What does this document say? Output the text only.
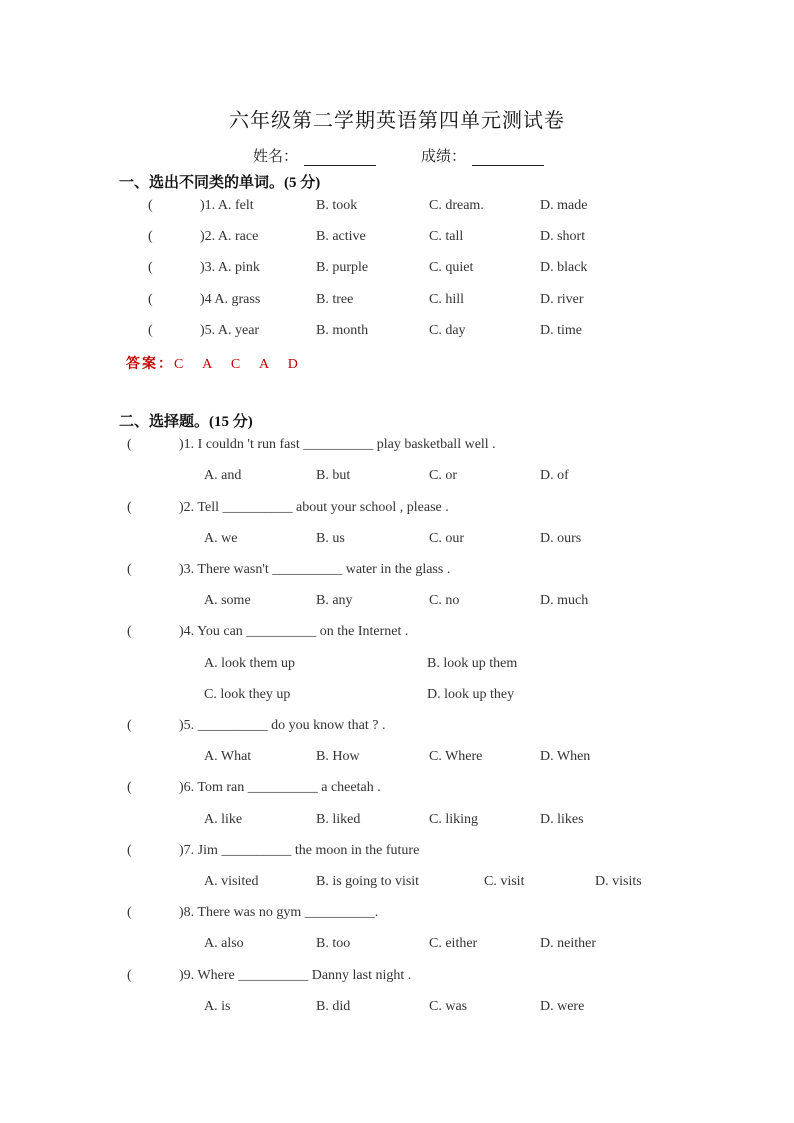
六年级第二学期英语第四单元测试卷
姓名：	成绩：
一、选出不同类的单词。(5 分)
(	)1. A. felt	B. took	C. dream.	D. made
(	)2. A. race	B. active	C. tall	D. short
(	)3. A. pink	B. purple	C. quiet	D. black
(	)4 A. grass	B. tree	C. hill	D. river
(	)5. A. year	B. month	C. day	D. time
答案：C A C A D
二、选择题。(15 分)
(	)1. I couldn 't run fast __________ play basketball well .
A. and	B. but	C. or	D. of
(	)2. Tell __________ about your school , please .
A. we	B. us	C. our	D. ours
(	)3. There wasn't __________ water in the glass .
A. some	B. any	C. no	D. much
(	)4. You can __________ on the Internet .
A. look them up	B. look up them
C. look they up	D. look up they
(	)5. __________ do you know that ? .
A. What	B. How	C. Where	D. When
(	)6. Tom ran __________ a cheetah .
A. like	B. liked	C. liking	D. likes
(	)7. Jim __________ the moon in the future
A. visited	B. is going to visit	C. visit	D. visits
(	)8. There was no gym __________.
A. also	B. too	C. either	D. neither
(	)9. Where __________ Danny last night .
A. is	B. did	C. was	D. were
